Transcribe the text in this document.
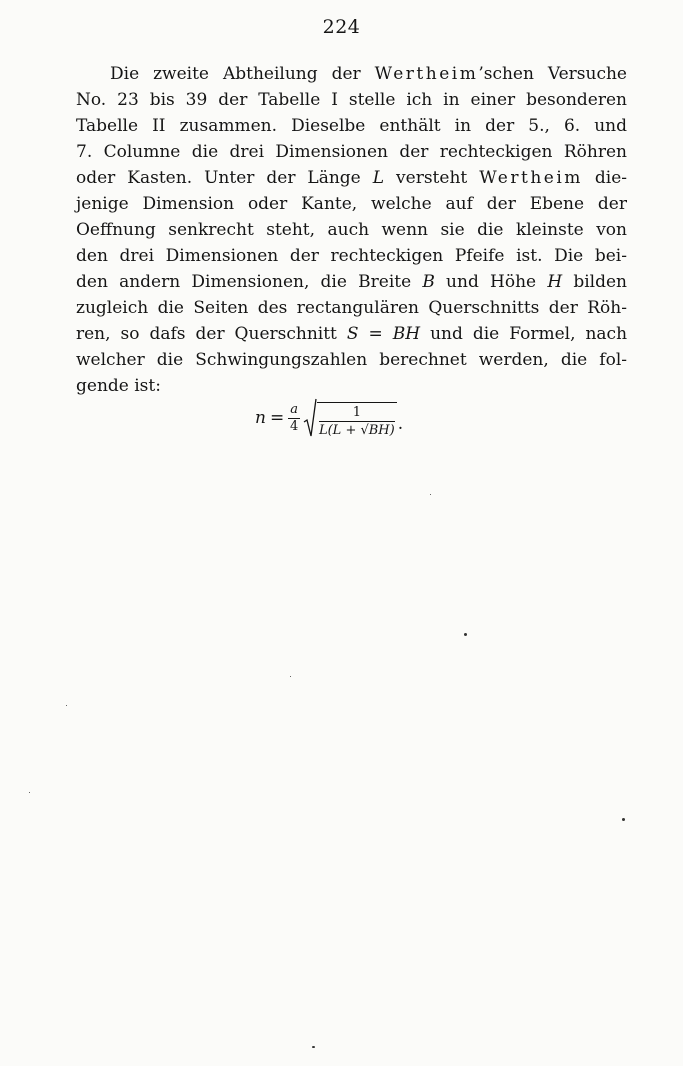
224
Die zweite Abtheilung der Wertheim’schen Versuche
No. 23 bis 39 der Tabelle I stelle ich in einer besonderen
Tabelle II zusammen. Dieselbe enthält in der 5., 6. und
7. Columne die drei Dimensionen der rechteckigen Röhren
oder Kasten. Unter der Länge L versteht Wertheim die-
jenige Dimension oder Kante, welche auf der Ebene der
Oeffnung senkrecht steht, auch wenn sie die kleinste von
den drei Dimensionen der rechteckigen Pfeife ist. Die bei-
den andern Dimensionen, die Breite B und Höhe H bilden
zugleich die Seiten des rectangulären Querschnitts der Röh-
ren, so dafs der Querschnitt S = BH und die Formel, nach
welcher die Schwingungszahlen berechnet werden, die fol-
gende ist:
$n = \frac{a}{4} \frac{1}{L(L + √BH)}$ .
